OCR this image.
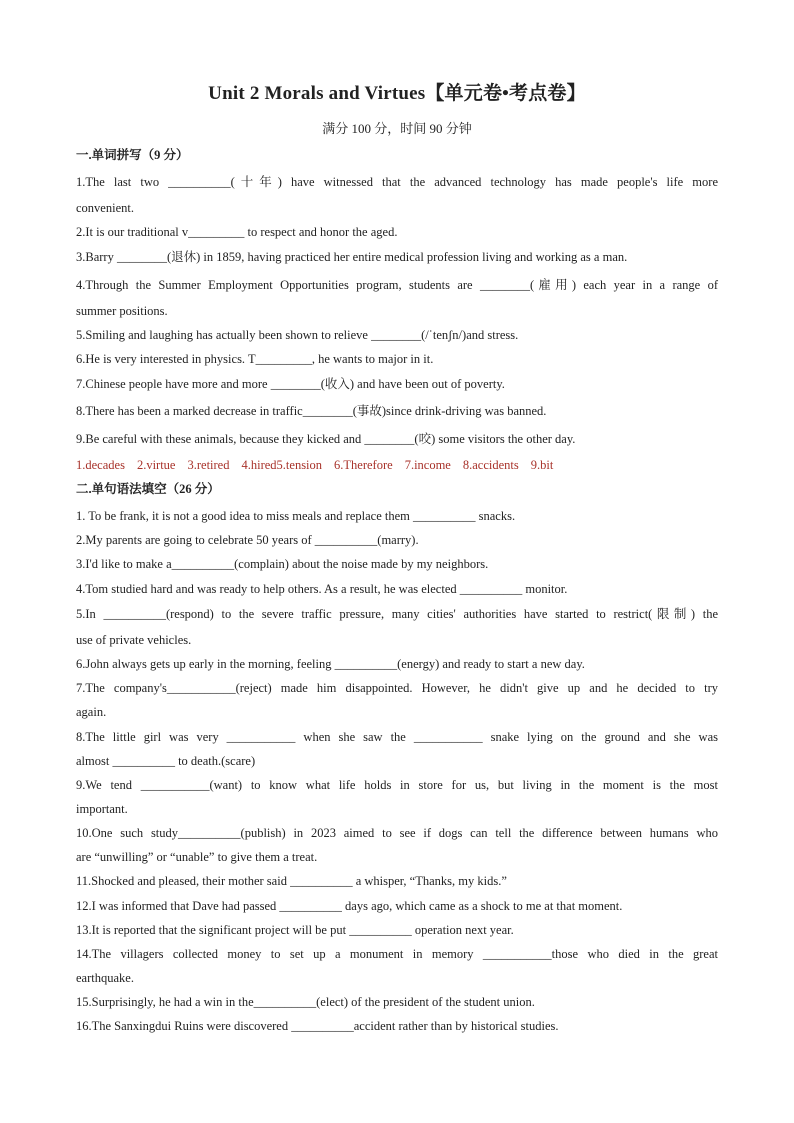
Unit 2 Morals and Virtues【单元卷•考点卷】
满分 100 分，时间 90 分钟
一.单词拼写（9 分）
1.The last two __________(十年) have witnessed that the advanced technology has made people's life more
convenient.
2.It is our traditional v_________ to respect and honor the aged.
3.Barry ________(退休) in 1859, having practiced her entire medical profession living and working as a man.
4.Through the Summer Employment Opportunities program, students are ________(雇用) each year in a range of
summer positions.
5.Smiling and laughing has actually been shown to relieve ________(/ˈtenʃn/)and stress.
6.He is very interested in physics. T_________, he wants to major in it.
7.Chinese people have more and more ________(收入) and have been out of poverty.
8.There has been a marked decrease in traffic________(事故)since drink-driving was banned.
9.Be careful with these animals, because they kicked and ________(咬) some visitors the other day.
1.decades 2.virtue 3.retired 4.hired5.tension 6.Therefore 7.income 8.accidents 9.bit
二.单句语法填空（26 分）
1. To be frank, it is not a good idea to miss meals and replace them __________ snacks.
2.My parents are going to celebrate 50 years of __________(marry).
3.I'd like to make a__________(complain) about the noise made by my neighbors.
4.Tom studied hard and was ready to help others. As a result, he was elected __________ monitor.
5.In __________(respond) to the severe traffic pressure, many cities' authorities have started to restrict(限制) the
use of private vehicles.
6.John always gets up early in the morning, feeling __________(energy) and ready to start a new day.
7.The company's___________(reject) made him disappointed. However, he didn't give up and he decided to try
again.
8.The little girl was very ___________ when she saw the ___________ snake lying on the ground and she was
almost __________ to death.(scare)
9.We tend ___________(want) to know what life holds in store for us, but living in the moment is the most
important.
10.One such study__________(publish) in 2023 aimed to see if dogs can tell the difference between humans who
are “unwilling” or “unable” to give them a treat.
11.Shocked and pleased, their mother said __________ a whisper, “Thanks, my kids.”
12.I was informed that Dave had passed __________ days ago, which came as a shock to me at that moment.
13.It is reported that the significant project will be put __________ operation next year.
14.The villagers collected money to set up a monument in memory ___________those who died in the great
earthquake.
15.Surprisingly, he had a win in the__________(elect) of the president of the student union.
16.The Sanxingdui Ruins were discovered __________accident rather than by historical studies.
